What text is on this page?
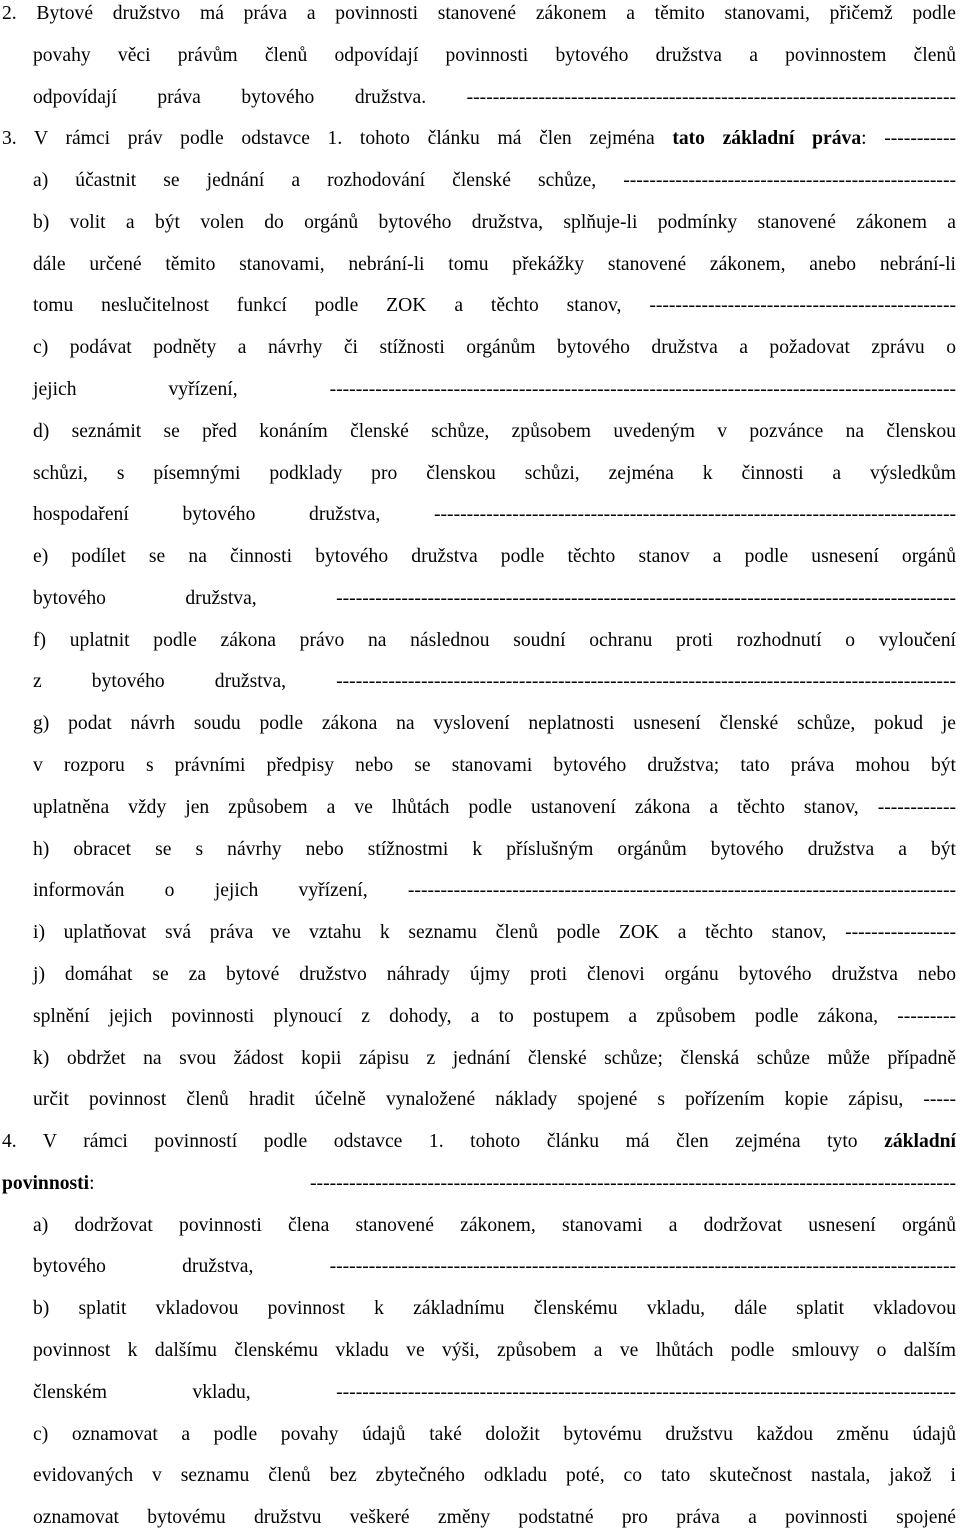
2. Bytové družstvo má práva a povinnosti stanovené zákonem a těmito stanovami, přičemž podle
povahy věci právům členů odpovídají povinnosti bytového družstva a povinnostem členů
odpovídají práva bytového družstva. ---------------------------------------------------------------------------
3. V rámci práv podle odstavce 1. tohoto článku má člen zejména tato základní práva: -----------
a) účastnit se jednání a rozhodování členské schůze, ---------------------------------------------------
b) volit a být volen do orgánů bytového družstva, splňuje-li podmínky stanovené zákonem a
dále určené těmito stanovami, nebrání-li tomu překážky stanovené zákonem, anebo nebrání-li
tomu neslučitelnost funkcí podle ZOK a těchto stanov, -----------------------------------------------
c) podávat podněty a návrhy či stížnosti orgánům bytového družstva a požadovat zprávu o
jejich vyřízení, ------------------------------------------------------------------------------------------------
d) seznámit se před konáním členské schůze, způsobem uvedeným v pozvánce na členskou
schůzi, s písemnými podklady pro členskou schůzi, zejména k činnosti a výsledkům
hospodaření bytového družstva, --------------------------------------------------------------------------------
e) podílet se na činnosti bytového družstva podle těchto stanov a podle usnesení orgánů
bytového družstva, -----------------------------------------------------------------------------------------------
f) uplatnit podle zákona právo na následnou soudní ochranu proti rozhodnutí o vyloučení
z bytového družstva, -----------------------------------------------------------------------------------------------
g) podat návrh soudu podle zákona na vyslovení neplatnosti usnesení členské schůze, pokud je
v rozporu s právními předpisy nebo se stanovami bytového družstva; tato práva mohou být
uplatněna vždy jen způsobem a ve lhůtách podle ustanovení zákona a těchto stanov, ------------
h) obracet se s návrhy nebo stížnostmi k příslušným orgánům bytového družstva a být
informován o jejich vyřízení, ------------------------------------------------------------------------------------
i) uplatňovat svá práva ve vztahu k seznamu členů podle ZOK a těchto stanov, -----------------
j) domáhat se za bytové družstvo náhrady újmy proti členovi orgánu bytového družstva nebo
splnění jejich povinnosti plynoucí z dohody, a to postupem a způsobem podle zákona, ---------
k) obdržet na svou žádost kopii zápisu z jednání členské schůze; členská schůze může případně
určit povinnost členů hradit účelně vynaložené náklady spojené s pořízením kopie zápisu, -----
4. V rámci povinností podle odstavce 1. tohoto článku má člen zejména tyto základní
povinnosti: ---------------------------------------------------------------------------------------------------
a) dodržovat povinnosti člena stanovené zákonem, stanovami a dodržovat usnesení orgánů
bytového družstva, ------------------------------------------------------------------------------------------------
b) splatit vkladovou povinnost k základnímu členskému vkladu, dále splatit vkladovou
povinnost k dalšímu členskému vkladu ve výši, způsobem a ve lhůtách podle smlouvy o dalším
členském vkladu, -----------------------------------------------------------------------------------------------
c) oznamovat a podle povahy údajů také doložit bytovému družstvu každou změnu údajů
evidovaných v seznamu členů bez zbytečného odkladu poté, co tato skutečnost nastala, jakož i
oznamovat bytovému družstvu veškeré změny podstatné pro práva a povinnosti spojené
